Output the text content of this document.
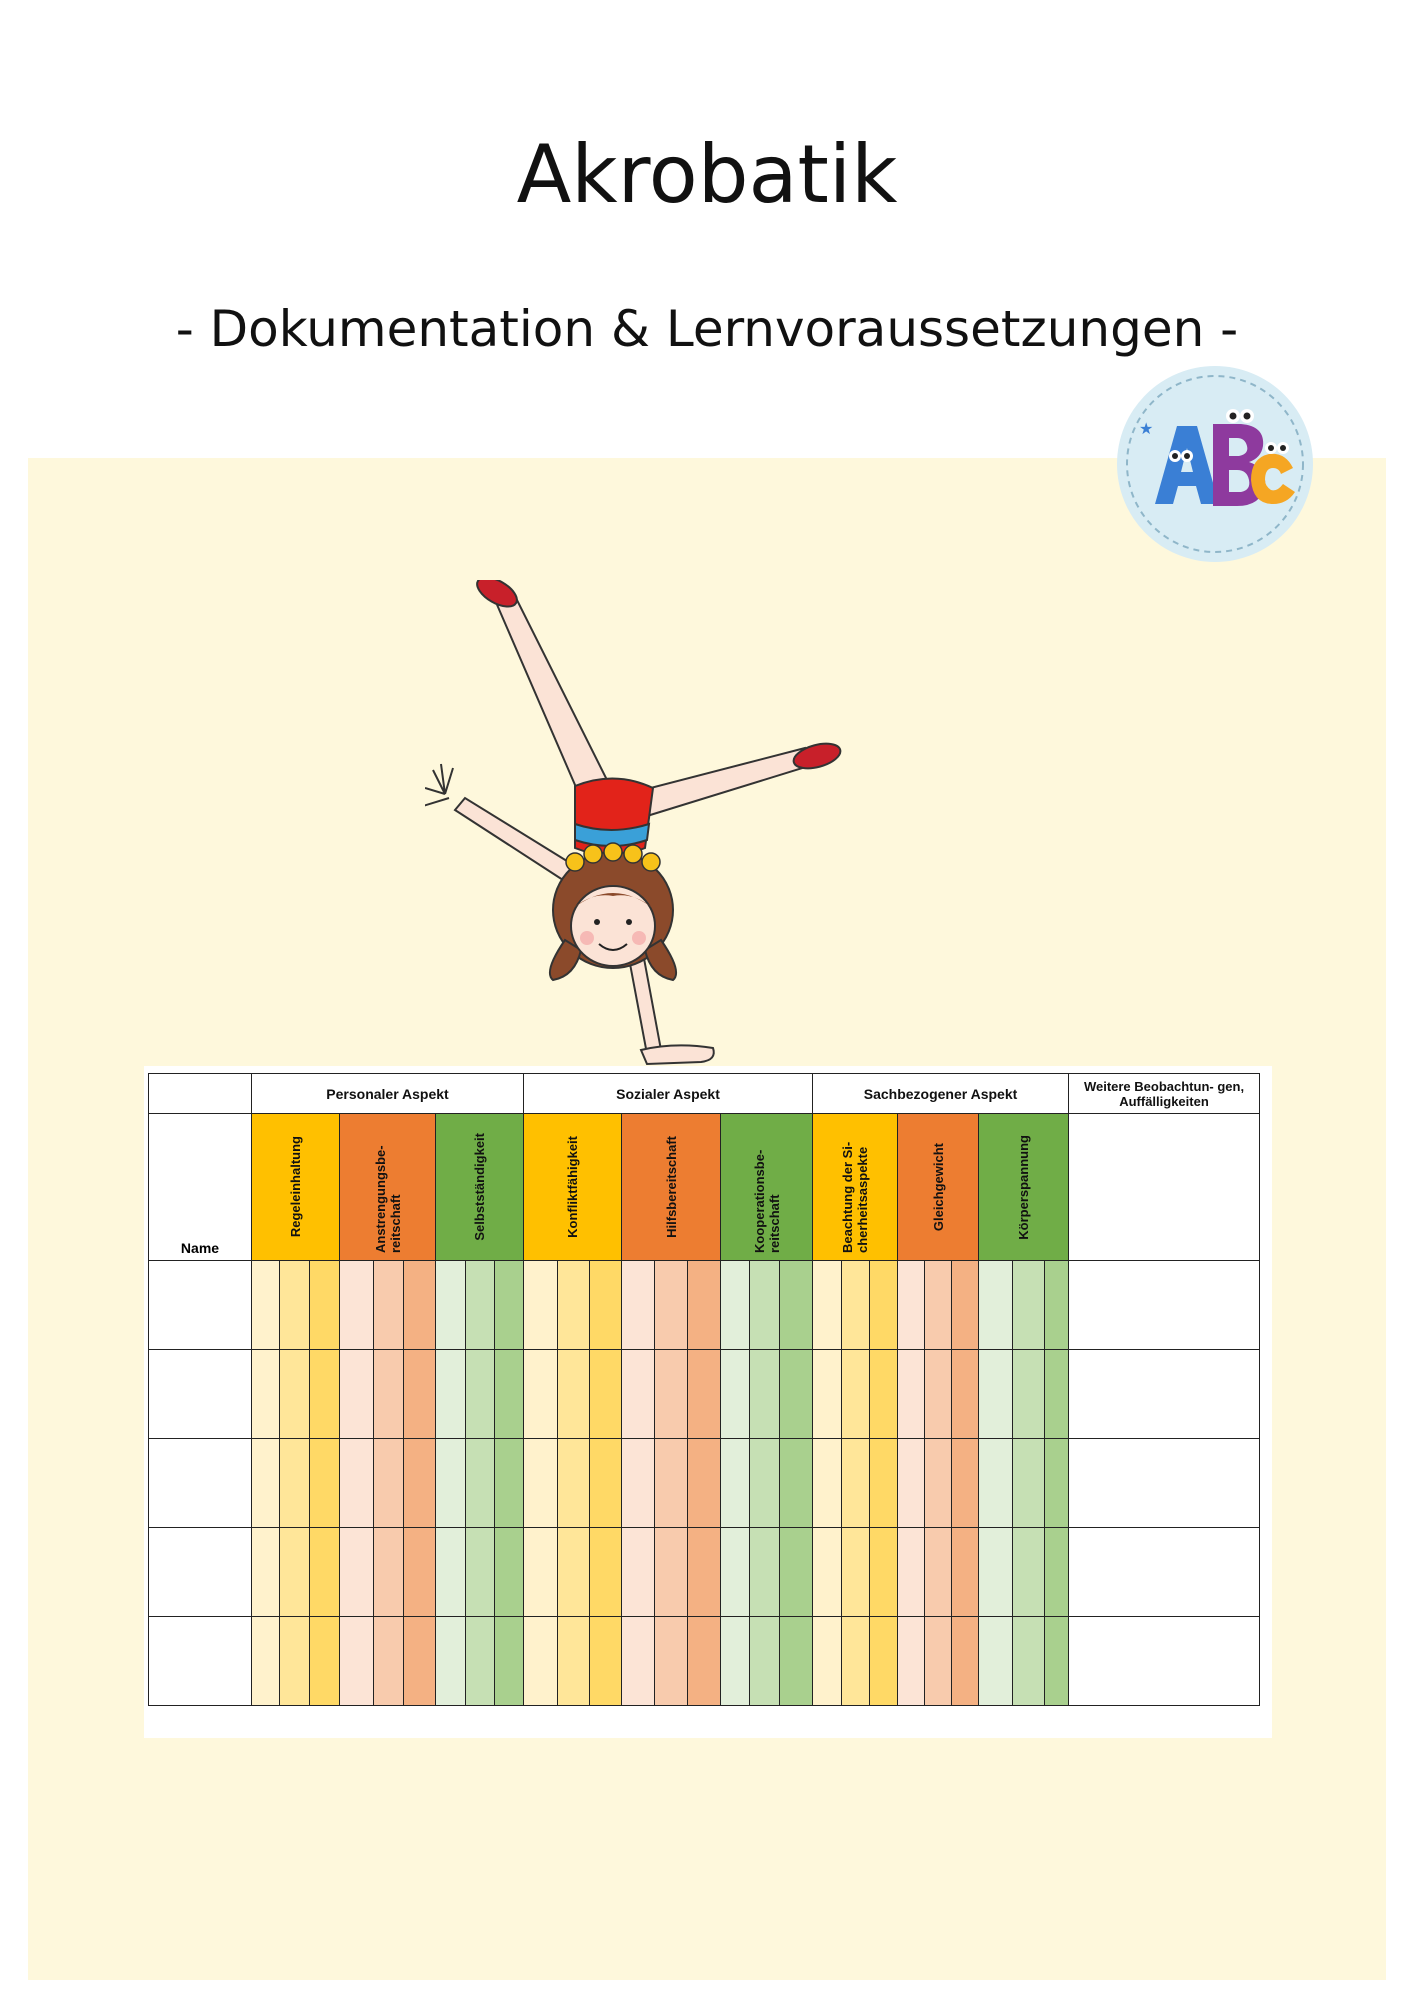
Akrobatik
- Dokumentation & Lernvoraussetzungen -
★
	Personaler Aspekt									Sozialer Aspekt									Sachbezogener Aspekt									Weitere Beobachtun- gen, Auffälligkeiten
Name	Regeleinhaltung			Anstrengungsbe- reitschaft			Selbstständigkeit			Konfliktfähigkeit			Hilfsbereitschaft			Kooperationsbe- reitschaft			Beachtung der Si- cherheitsaspekte			Gleichgewicht			Körperspannung			
